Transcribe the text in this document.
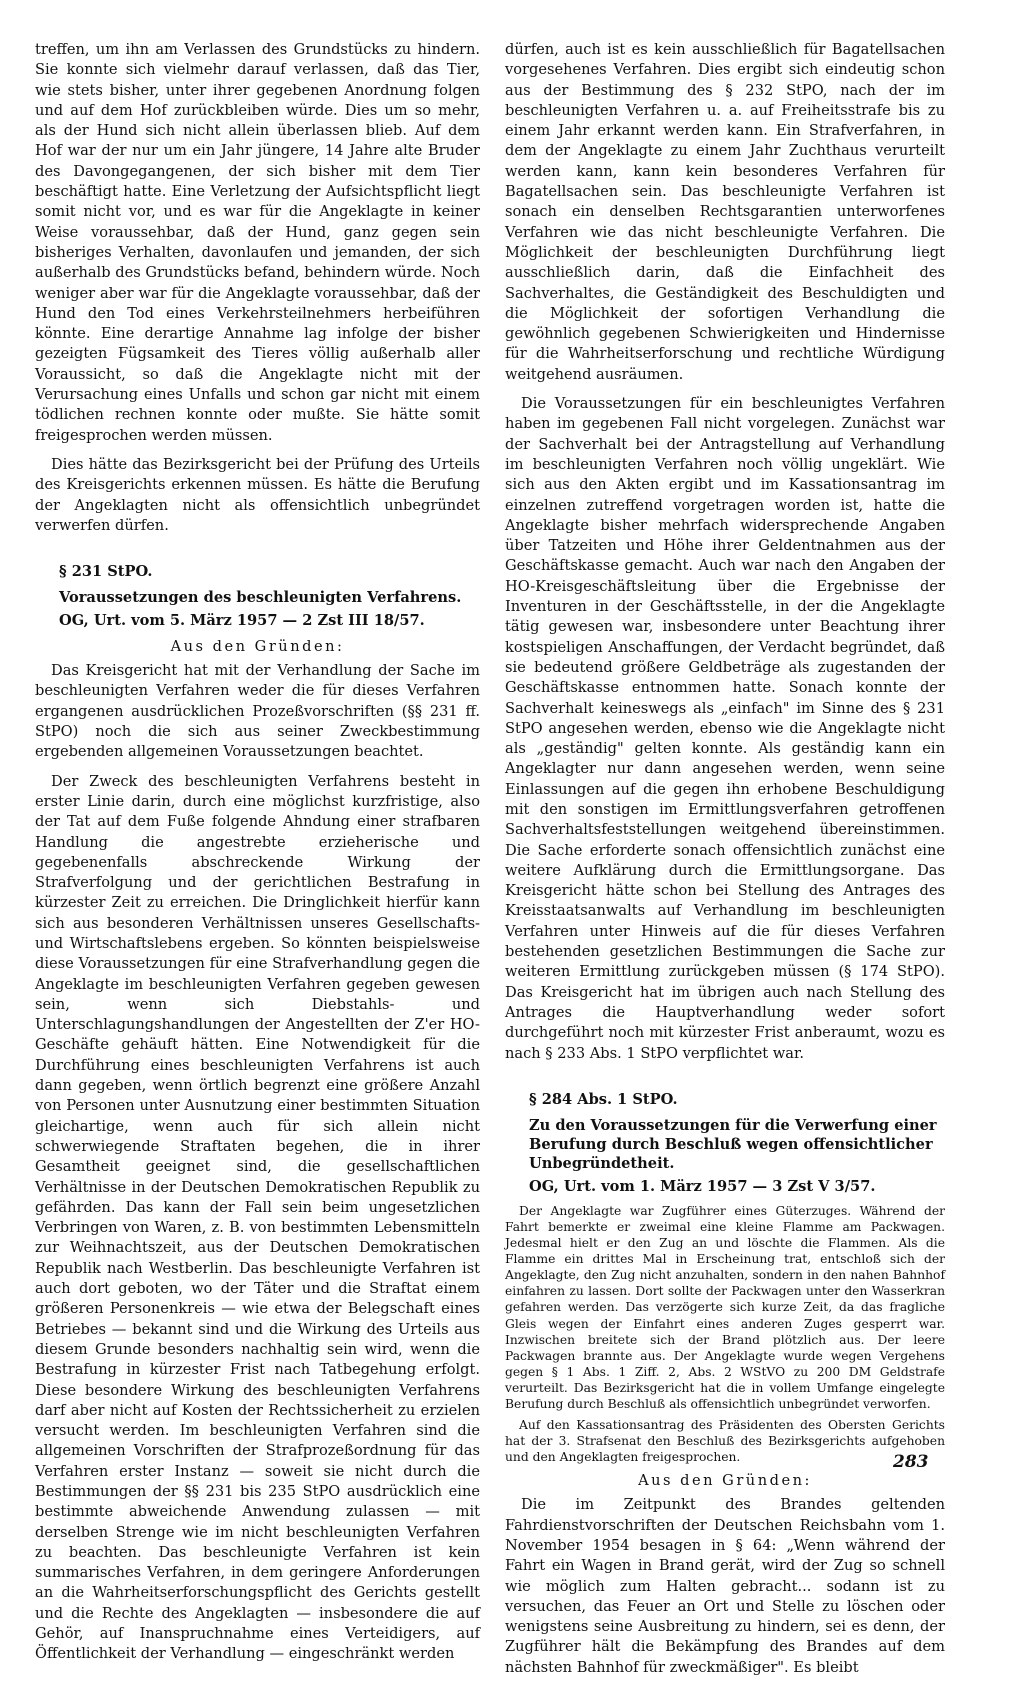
treffen, um ihn am Verlassen des Grundstücks zu hindern. Sie konnte sich vielmehr darauf verlassen, daß das Tier, wie stets bisher, unter ihrer gegebenen Anordnung folgen und auf dem Hof zurückbleiben würde. Dies um so mehr, als der Hund sich nicht allein überlassen blieb. Auf dem Hof war der nur um ein Jahr jüngere, 14 Jahre alte Bruder des Davongegangenen, der sich bisher mit dem Tier beschäftigt hatte. Eine Verletzung der Aufsichtspflicht liegt somit nicht vor, und es war für die Angeklagte in keiner Weise voraussehbar, daß der Hund, ganz gegen sein bisheriges Verhalten, davonlaufen und jemanden, der sich außerhalb des Grundstücks befand, behindern würde. Noch weniger aber war für die Angeklagte voraussehbar, daß der Hund den Tod eines Verkehrsteilnehmers herbeiführen könnte. Eine derartige Annahme lag infolge der bisher gezeigten Fügsamkeit des Tieres völlig außerhalb aller Voraussicht, so daß die Angeklagte nicht mit der Verursachung eines Unfalls und schon gar nicht mit einem tödlichen rechnen konnte oder mußte. Sie hätte somit freigesprochen werden müssen.

Dies hätte das Bezirksgericht bei der Prüfung des Urteils des Kreisgerichts erkennen müssen. Es hätte die Berufung der Angeklagten nicht als offensichtlich unbegründet verwerfen dürfen.

§ 231 StPO.

Voraussetzungen des beschleunigten Verfahrens.

OG, Urt. vom 5. März 1957 — 2 Zst III 18/57.

Aus den Gründen:

Das Kreisgericht hat mit der Verhandlung der Sache im beschleunigten Verfahren weder die für dieses Verfahren ergangenen ausdrücklichen Prozeßvorschriften (§§ 231 ff. StPO) noch die sich aus seiner Zweckbestimmung ergebenden allgemeinen Voraussetzungen beachtet.

Der Zweck des beschleunigten Verfahrens besteht in erster Linie darin, durch eine möglichst kurzfristige, also der Tat auf dem Fuße folgende Ahndung einer strafbaren Handlung die angestrebte erzieherische und gegebenenfalls abschreckende Wirkung der Strafverfolgung und der gerichtlichen Bestrafung in kürzester Zeit zu erreichen. Die Dringlichkeit hierfür kann sich aus besonderen Verhältnissen unseres Gesellschafts- und Wirtschaftslebens ergeben. So könnten beispielsweise diese Voraussetzungen für eine Strafverhandlung gegen die Angeklagte im beschleunigten Verfahren gegeben gewesen sein, wenn sich Diebstahls- und Unterschlagungshandlungen der Angestellten der Z'er HO-Geschäfte gehäuft hätten. Eine Notwendigkeit für die Durchführung eines beschleunigten Verfahrens ist auch dann gegeben, wenn örtlich begrenzt eine größere Anzahl von Personen unter Ausnutzung einer bestimmten Situation gleichartige, wenn auch für sich allein nicht schwerwiegende Straftaten begehen, die in ihrer Gesamtheit geeignet sind, die gesellschaftlichen Verhältnisse in der Deutschen Demokratischen Republik zu gefährden. Das kann der Fall sein beim ungesetzlichen Verbringen von Waren, z. B. von bestimmten Lebensmitteln zur Weihnachtszeit, aus der Deutschen Demokratischen Republik nach Westberlin. Das beschleunigte Verfahren ist auch dort geboten, wo der Täter und die Straftat einem größeren Personenkreis — wie etwa der Belegschaft eines Betriebes — bekannt sind und die Wirkung des Urteils aus diesem Grunde besonders nachhaltig sein wird, wenn die Bestrafung in kürzester Frist nach Tatbegehung erfolgt. Diese besondere Wirkung des beschleunigten Verfahrens darf aber nicht auf Kosten der Rechtssicherheit zu erzielen versucht werden. Im beschleunigten Verfahren sind die allgemeinen Vorschriften der Strafprozeßordnung für das Verfahren erster Instanz — soweit sie nicht durch die Bestimmungen der §§ 231 bis 235 StPO ausdrücklich eine bestimmte abweichende Anwendung zulassen — mit derselben Strenge wie im nicht beschleunigten Verfahren zu beachten. Das beschleunigte Verfahren ist kein summarisches Verfahren, in dem geringere Anforderungen an die Wahrheitserforschungspflicht des Gerichts gestellt und die Rechte des Angeklagten — insbesondere die auf Gehör, auf Inanspruchnahme eines Verteidigers, auf Öffentlichkeit der Verhandlung — eingeschränkt werden

dürfen, auch ist es kein ausschließlich für Bagatellsachen vorgesehenes Verfahren. Dies ergibt sich eindeutig schon aus der Bestimmung des § 232 StPO, nach der im beschleunigten Verfahren u. a. auf Freiheitsstrafe bis zu einem Jahr erkannt werden kann. Ein Strafverfahren, in dem der Angeklagte zu einem Jahr Zuchthaus verurteilt werden kann, kann kein besonderes Verfahren für Bagatellsachen sein. Das beschleunigte Verfahren ist sonach ein denselben Rechtsgarantien unterworfenes Verfahren wie das nicht beschleunigte Verfahren. Die Möglichkeit der beschleunigten Durchführung liegt ausschließlich darin, daß die Einfachheit des Sachverhaltes, die Geständigkeit des Beschuldigten und die Möglichkeit der sofortigen Verhandlung die gewöhnlich gegebenen Schwierigkeiten und Hindernisse für die Wahrheitserforschung und rechtliche Würdigung weitgehend ausräumen.

Die Voraussetzungen für ein beschleunigtes Verfahren haben im gegebenen Fall nicht vorgelegen. Zunächst war der Sachverhalt bei der Antragstellung auf Verhandlung im beschleunigten Verfahren noch völlig ungeklärt. Wie sich aus den Akten ergibt und im Kassationsantrag im einzelnen zutreffend vorgetragen worden ist, hatte die Angeklagte bisher mehrfach widersprechende Angaben über Tatzeiten und Höhe ihrer Geldentnahmen aus der Geschäftskasse gemacht. Auch war nach den Angaben der HO-Kreisgeschäftsleitung über die Ergebnisse der Inventuren in der Geschäftsstelle, in der die Angeklagte tätig gewesen war, insbesondere unter Beachtung ihrer kostspieligen Anschaffungen, der Verdacht begründet, daß sie bedeutend größere Geldbeträge als zugestanden der Geschäftskasse entnommen hatte. Sonach konnte der Sachverhalt keineswegs als „einfach" im Sinne des § 231 StPO angesehen werden, ebenso wie die Angeklagte nicht als „geständig" gelten konnte. Als geständig kann ein Angeklagter nur dann angesehen werden, wenn seine Einlassungen auf die gegen ihn erhobene Beschuldigung mit den sonstigen im Ermittlungsverfahren getroffenen Sachverhaltsfeststellungen weitgehend übereinstimmen. Die Sache erforderte sonach offensichtlich zunächst eine weitere Aufklärung durch die Ermittlungsorgane. Das Kreisgericht hätte schon bei Stellung des Antrages des Kreisstaatsanwalts auf Verhandlung im beschleunigten Verfahren unter Hinweis auf die für dieses Verfahren bestehenden gesetzlichen Bestimmungen die Sache zur weiteren Ermittlung zurückgeben müssen (§ 174 StPO). Das Kreisgericht hat im übrigen auch nach Stellung des Antrages die Hauptverhandlung weder sofort durchgeführt noch mit kürzester Frist anberaumt, wozu es nach § 233 Abs. 1 StPO verpflichtet war.

§ 284 Abs. 1 StPO.

Zu den Voraussetzungen für die Verwerfung einer Berufung durch Beschluß wegen offensichtlicher Unbegründetheit.

OG, Urt. vom 1. März 1957 — 3 Zst V 3/57.

Der Angeklagte war Zugführer eines Güterzuges. Während der Fahrt bemerkte er zweimal eine kleine Flamme am Packwagen. Jedesmal hielt er den Zug an und löschte die Flammen. Als die Flamme ein drittes Mal in Erscheinung trat, entschloß sich der Angeklagte, den Zug nicht anzuhalten, sondern in den nahen Bahnhof einfahren zu lassen. Dort sollte der Packwagen unter den Wasserkran gefahren werden. Das verzögerte sich kurze Zeit, da das fragliche Gleis wegen der Einfahrt eines anderen Zuges gesperrt war. Inzwischen breitete sich der Brand plötzlich aus. Der leere Packwagen brannte aus. Der Angeklagte wurde wegen Vergehens gegen § 1 Abs. 1 Ziff. 2, Abs. 2 WStVO zu 200 DM Geldstrafe verurteilt. Das Bezirksgericht hat die in vollem Umfange eingelegte Berufung durch Beschluß als offensichtlich unbegründet verworfen.

Auf den Kassationsantrag des Präsidenten des Obersten Gerichts hat der 3. Strafsenat den Beschluß des Bezirksgerichts aufgehoben und den Angeklagten freigesprochen.

Aus den Gründen:

Die im Zeitpunkt des Brandes geltenden Fahrdienstvorschriften der Deutschen Reichsbahn vom 1. November 1954 besagen in § 64: „Wenn während der Fahrt ein Wagen in Brand gerät, wird der Zug so schnell wie möglich zum Halten gebracht... sodann ist zu versuchen, das Feuer an Ort und Stelle zu löschen oder wenigstens seine Ausbreitung zu hindern, sei es denn, der Zugführer hält die Bekämpfung des Brandes auf dem nächsten Bahnhof für zweckmäßiger". Es bleibt

283
